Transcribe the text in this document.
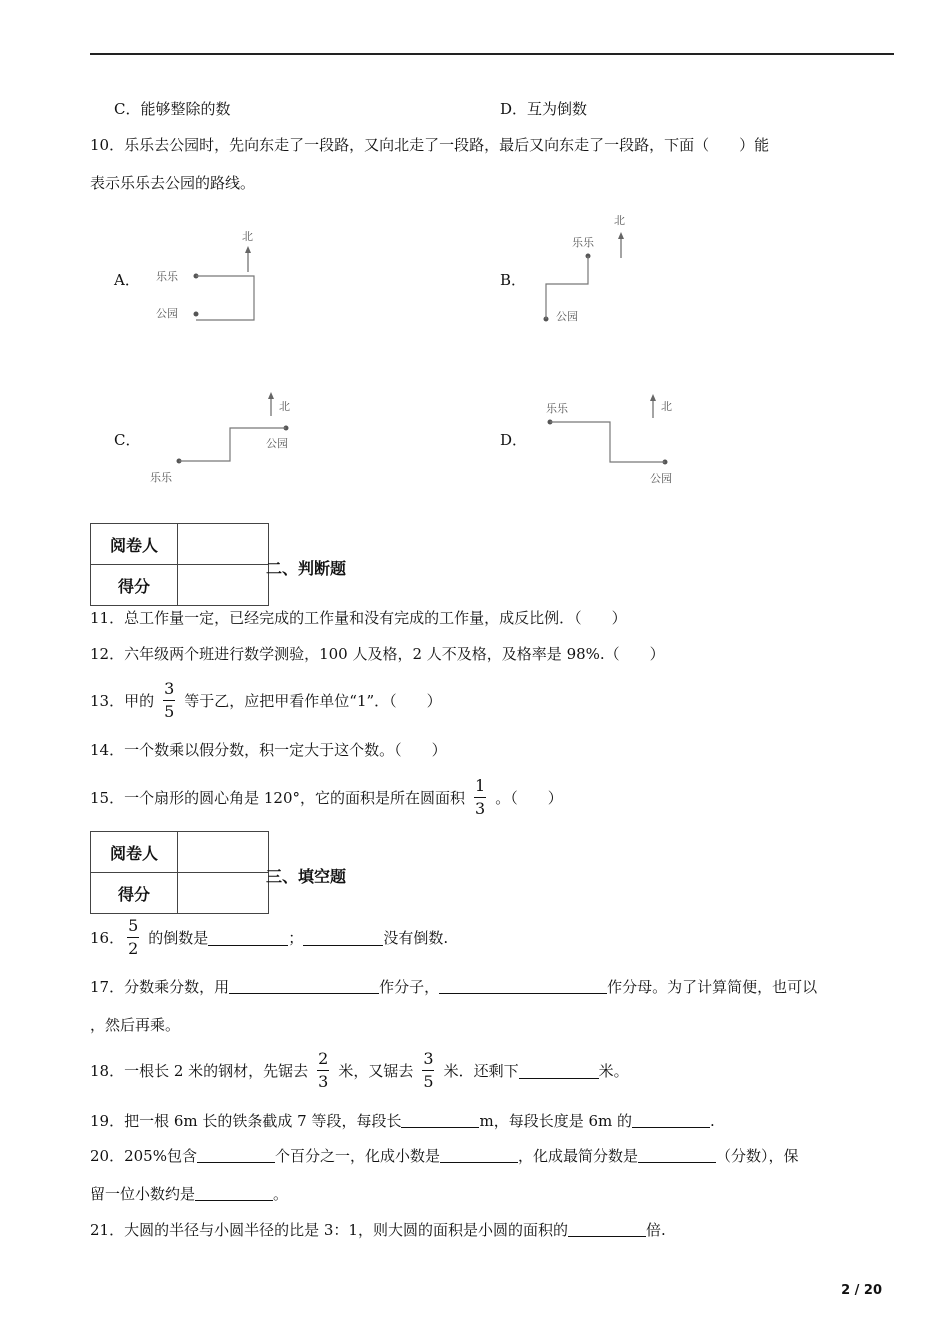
C．能够整除的数	D．互为倒数
10．乐乐去公园时，先向东走了一段路，又向北走了一段路，最后又向东走了一段路，下面（　　）能
表示乐乐去公园的路线。
A．	B．
C．	D．
北
乐乐
公园
北
乐乐
公园
北
公园
乐乐
乐乐	北
公园
阅卷人	
得分	
二、判断题
11．总工作量一定，已经完成的工作量和没有完成的工作量，成反比例．（　　）
12．六年级两个班进行数学测验，100 人及格，2 人不及格，及格率是 98%.（　　）
13．甲的 $\frac{3}{5}$ 等于乙，应把甲看作单位“1”．（　　）
14．一个数乘以假分数，积一定大于这个数。（　　）
15．一个扇形的圆心角是 120°，它的面积是所在圆面积 $\frac{1}{3}$ 。（　　）
阅卷人	
得分	
三、填空题
16． $\frac{5}{2}$ 的倒数是	；	没有倒数.
17．分数乘分数，用	作分子，	作分母。为了计算简便，也可以
，然后再乘。
18．一根长 2 米的钢材，先锯去 $\frac{2}{3}$ 米，又锯去 $\frac{3}{5}$ 米．还剩下	米。
19．把一根 6m 长的铁条截成 7 等段，每段长	m，每段长度是 6m 的	.
20．205%包含	个百分之一，化成小数是	，化成最简分数是	（分数），保
留一位小数约是	。
21．大圆的半径与小圆半径的比是 3：1，则大圆的面积是小圆的面积的	倍.
2 / 20
